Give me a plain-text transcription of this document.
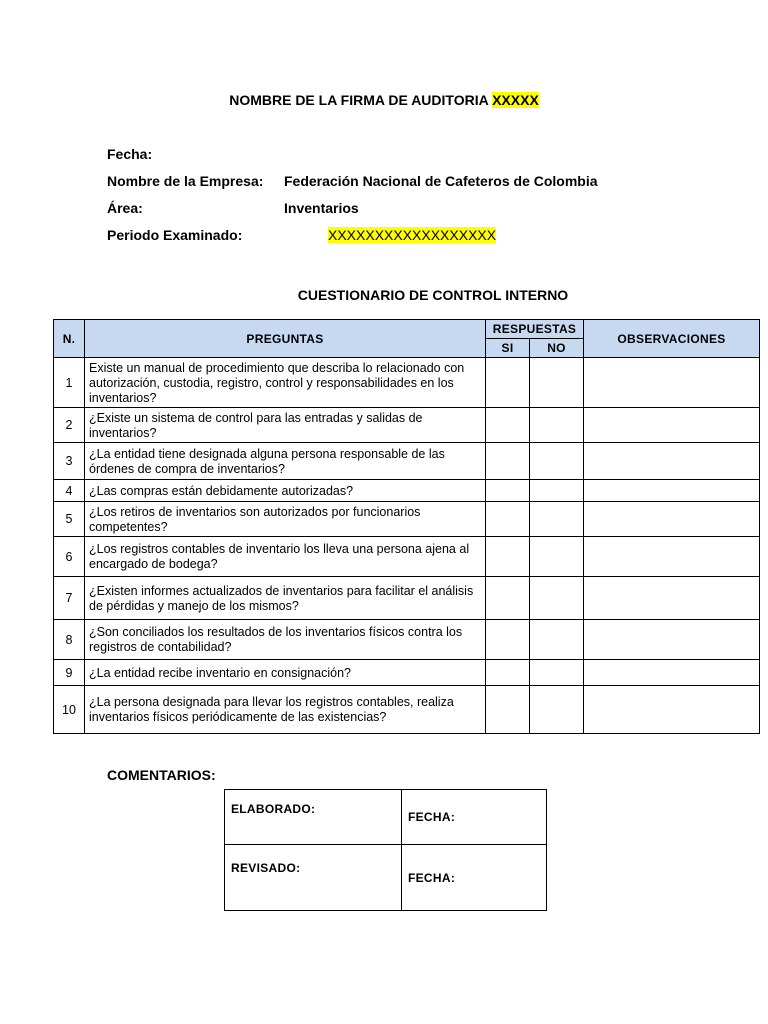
NOMBRE DE LA FIRMA DE AUDITORIA XXXXX
Fecha:
Nombre de la Empresa: Federación Nacional de Cafeteros de Colombia
Área:	Inventarios
Periodo Examinado:	XXXXXXXXXXXXXXXXXX
CUESTIONARIO DE CONTROL INTERNO
N.	PREGUNTAS	RESPUESTAS		OBSERVACIONES
		SI	NO	
1	Existe un manual de procedimiento que describa lo relacionado con autorización, custodia, registro, control y responsabilidades en los inventarios?			
2	¿Existe un sistema de control para las entradas y salidas de inventarios?			
3	¿La entidad tiene designada alguna persona responsable de las órdenes de compra de inventarios?			
4	¿Las compras están debidamente autorizadas?			
5	¿Los retiros de inventarios son autorizados por funcionarios competentes?			
6	¿Los registros contables de inventario los lleva una persona ajena al encargado de bodega?			
7	¿Existen informes actualizados de inventarios para facilitar el análisis de pérdidas y manejo de los mismos?			
8	¿Son conciliados los resultados de los inventarios físicos contra los registros de contabilidad?			
9	¿La entidad recibe inventario en consignación?			
10	¿La persona designada para llevar los registros contables, realiza inventarios físicos periódicamente de las existencias?			
COMENTARIOS:
ELABORADO:	FECHA:
REVISADO:	FECHA:
